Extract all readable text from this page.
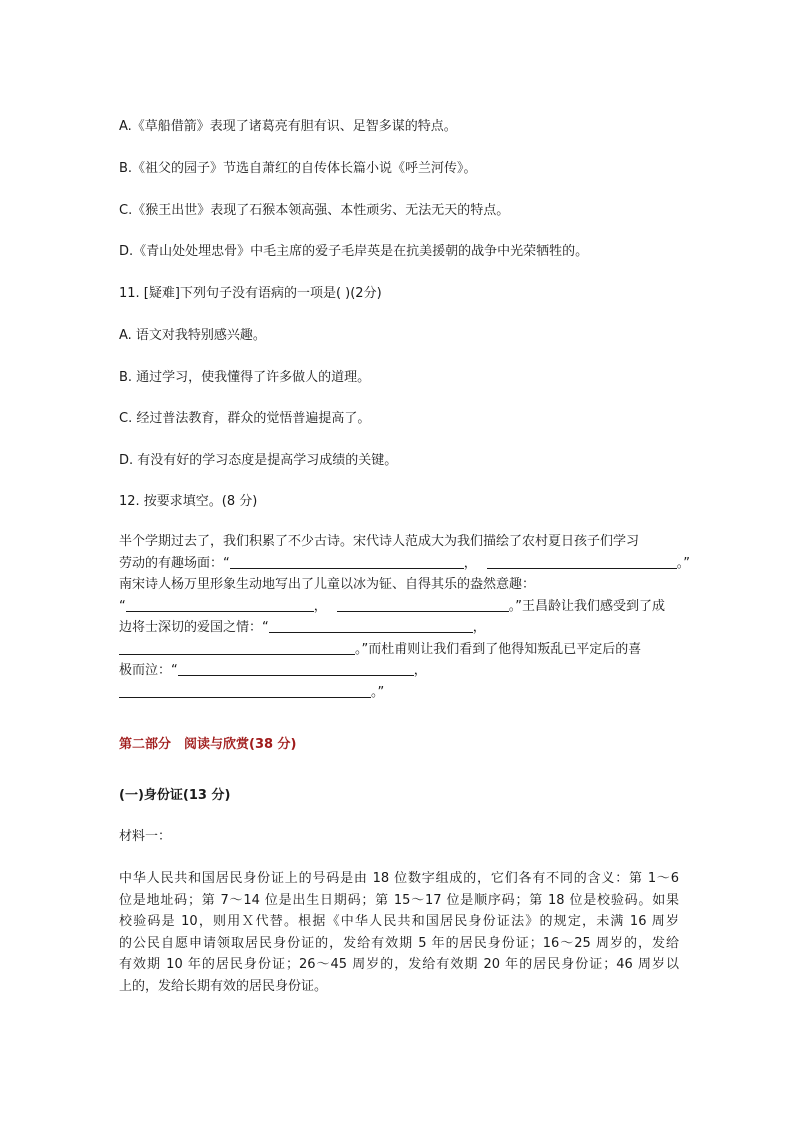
A.《草船借箭》表现了诸葛亮有胆有识、足智多谋的特点。
B.《祖父的园子》节选自萧红的自传体长篇小说《呼兰河传》。
C.《猴王出世》表现了石猴本领高强、本性顽劣、无法无天的特点。
D.《青山处处埋忠骨》中毛主席的爱子毛岸英是在抗美援朝的战争中光荣牺牲的。
11. [疑难]下列句子没有语病的一项是( )(2分)
A. 语文对我特别感兴趣。
B. 通过学习，使我懂得了许多做人的道理。
C. 经过普法教育，群众的觉悟普遍提高了。
D. 有没有好的学习态度是提高学习成绩的关键。
12. 按要求填空。(8 分)
半个学期过去了，我们积累了不少古诗。宋代诗人范成大为我们描绘了农村夏日孩子们学习
劳动的有趣场面：“	，	。”
南宋诗人杨万里形象生动地写出了儿童以冰为钲、自得其乐的盎然意趣：
“	，	。”王昌龄让我们感受到了成
边将士深切的爱国之情：“	，
。”而杜甫则让我们看到了他得知叛乱已平定后的喜
极而泣：“	，
。”
第二部分　阅读与欣赏(38 分)
(一)身份证(13 分)
材料一：
中华人民共和国居民身份证上的号码是由 18 位数字组成的，它们各有不同的含义：第 1～6
位是地址码；第 7～14 位是出生日期码；第 15～17 位是顺序码；第 18 位是校验码。如果
校验码是 10，则用Ｘ代替。根据《中华人民共和国居民身份证法》的规定，未满 16 周岁
的公民自愿申请领取居民身份证的，发给有效期 5 年的居民身份证；16～25 周岁的，发给
有效期 10 年的居民身份证；26～45 周岁的，发给有效期 20 年的居民身份证；46 周岁以
上的，发给长期有效的居民身份证。
